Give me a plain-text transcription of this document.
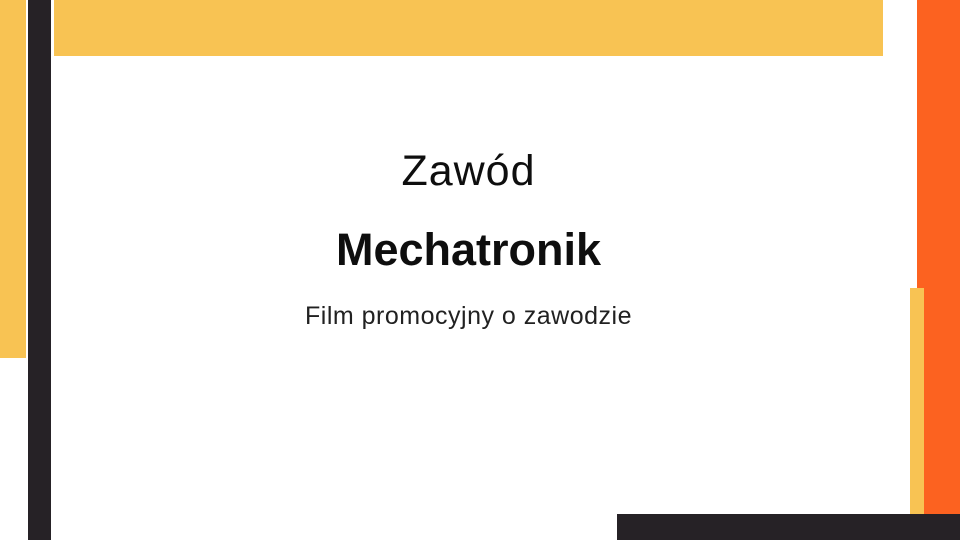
Zawód
Mechatronik
Film promocyjny o zawodzie
